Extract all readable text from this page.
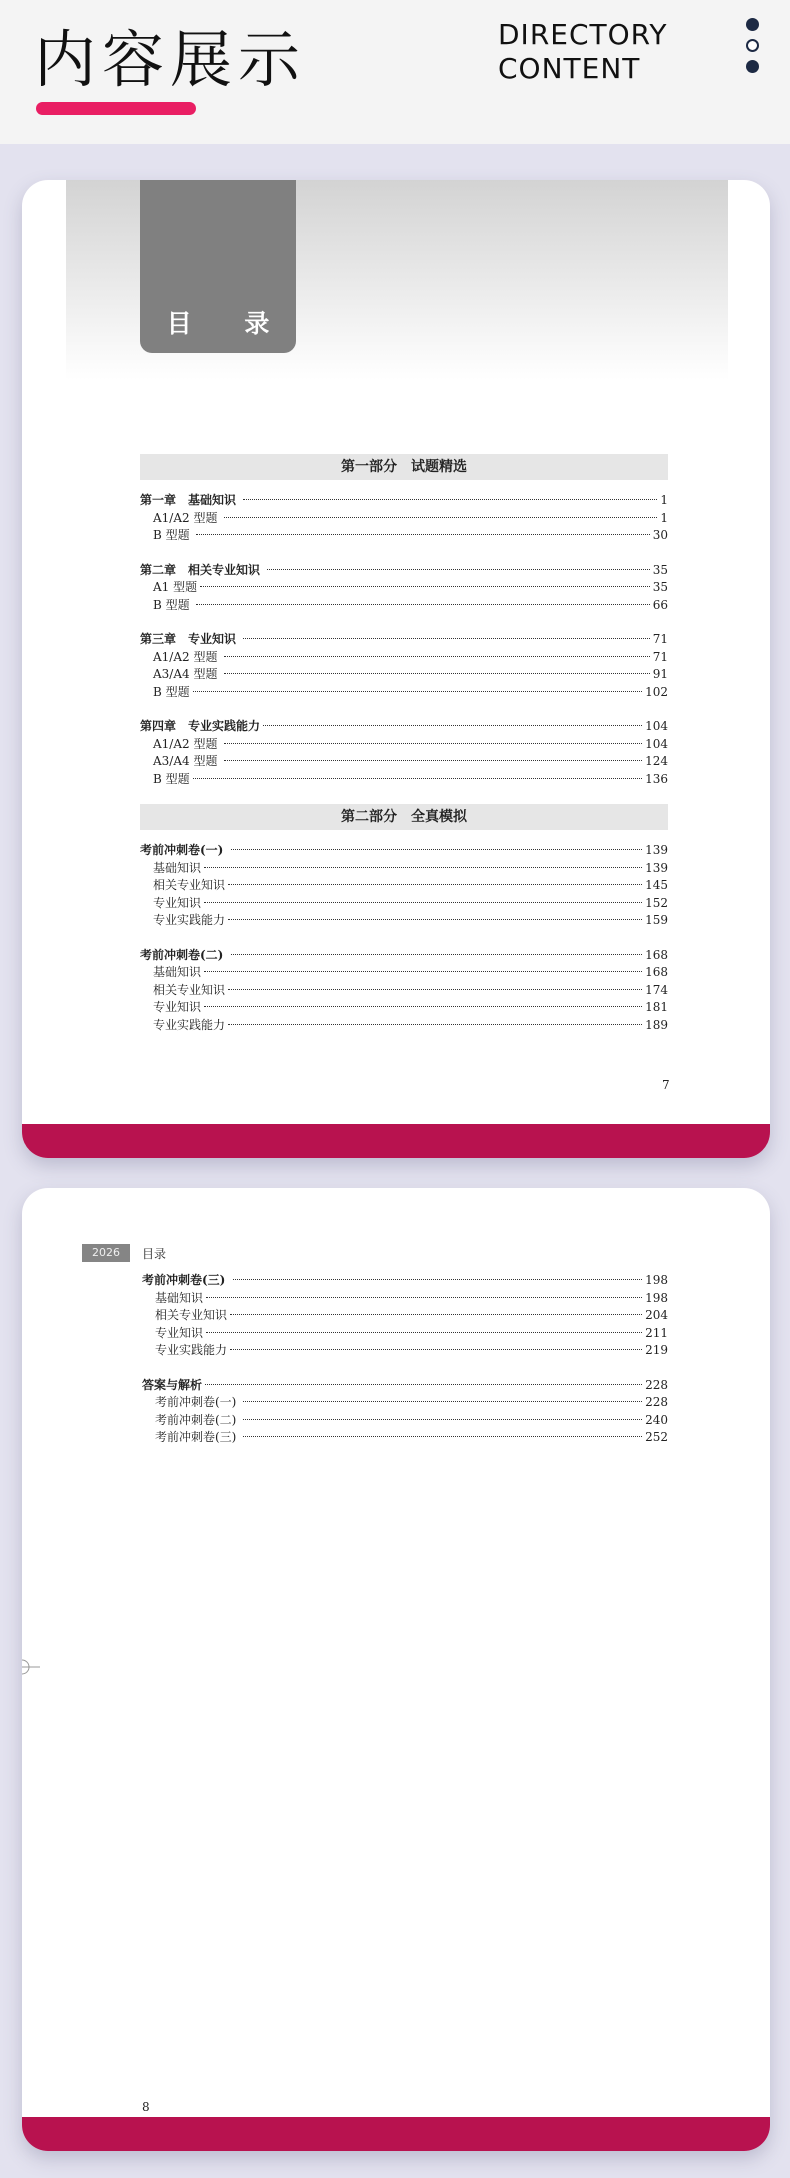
内容展示	DIRECTORY
CONTENT
目 录
第一部分　试题精选
第一章　基础知识	1
A1/A2 型题	1
B 型题	30
第二章　相关专业知识	35
A1 型题	35
B 型题	66
第三章　专业知识	71
A1/A2 型题	71
A3/A4 型题	91
B 型题	102
第四章　专业实践能力	104
A1/A2 型题	104
A3/A4 型题	124
B 型题	136
第二部分　全真模拟
考前冲刺卷(一)	139
基础知识	139
相关专业知识	145
专业知识	152
专业实践能力	159
考前冲刺卷(二)	168
基础知识	168
相关专业知识	174
专业知识	181
专业实践能力	189
7
2026	目录
考前冲刺卷(三)	198
基础知识	198
相关专业知识	204
专业知识	211
专业实践能力	219
答案与解析	228
考前冲刺卷(一)	228
考前冲刺卷(二)	240
考前冲刺卷(三)	252
8
